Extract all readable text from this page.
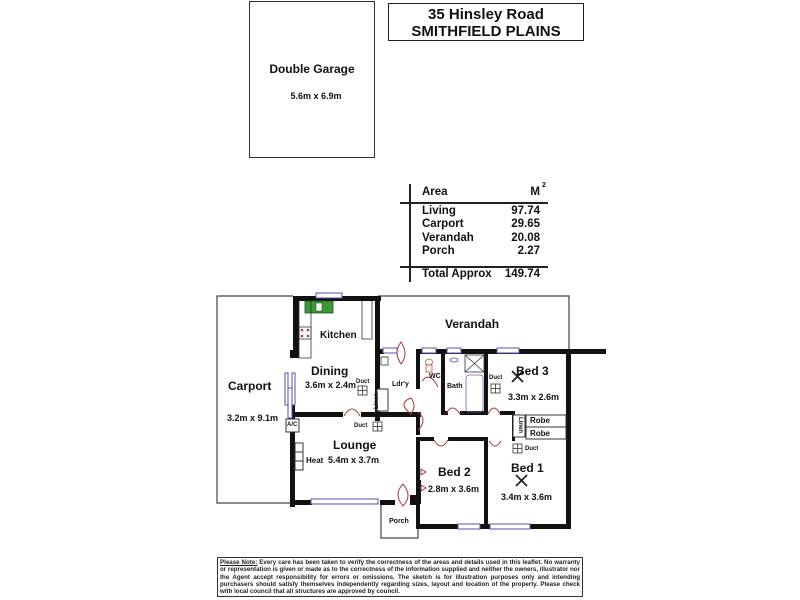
35 Hinsley Road
SMITHFIELD PLAINS
Double Garage
5.6m x 6.9m
Area	M
2
Living	97.74
Carport	29.65
Verandah	20.08
Porch	2.27
Total Approx 149.74
Carport
3.2m x 9.1m
Kitchen
Dining
3.6m x 2.4m Duct
Verandah
Ldr'y
WC
Bath
Bed 3
3.3m x 2.6m
Duct
Lounge
5.4m x 3.7m
Duct
Heat
A/C
Bed 2
2.8m x 3.6m
Bed 1
3.4m x 3.6m
Duct
Porch
Robe
Robe
Linen
Linen
Please Note: Every care has been taken to verify the correctness of the areas and details used in this leaflet. No warranty or representation is given or made as to the correctness of the information supplied and neither the owners, illustrator nor the Agent accept responsibility for errors or omissions. The sketch is for illustration purposes only and intending purchasers should satisfy themselves independently regarding sizes, layout and location of the property. Please check with local council that all structures are approved by council.
